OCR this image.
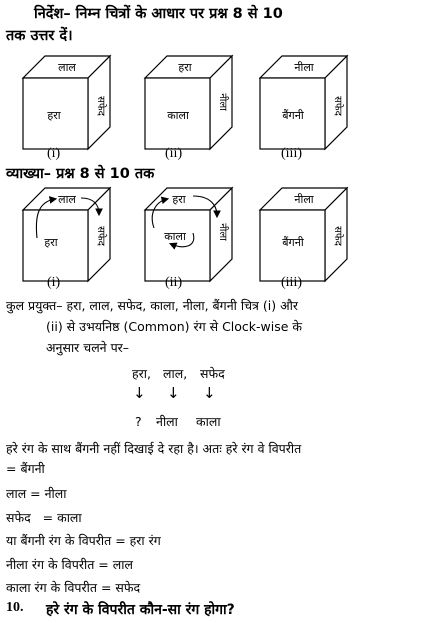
निर्देश– निम्न चित्रों के आधार पर प्रश्न 8 से 10
तक उत्तर दें।
लाल
हरा	सफेद
हरा
काला
नीला
नीला
बैंगनी	सफेद
(i)	(ii)	(iii)
व्याख्या– प्रश्न 8 से 10 तक
लाल
हरा	सफेद
हरा
काला	नीला
नीला
बैंगनी	सफेद
(i)	(ii)	(iii)
कुल प्रयुक्त– हरा, लाल, सफेद, काला, नीला, बैंगनी चित्र (i) और
(ii) से उभयनिष्ठ (Common) रंग से Clock-wise के
अनुसार चलने पर–
हरा, लाल, सफेद
↓ ↓ ↓
? नीला काला
हरे रंग के साथ बैंगनी नहीं दिखाई दे रहा है। अतः हरे रंग वे विपरीत
= बैंगनी
लाल = नीला
सफेद   = काला
या बैंगनी रंग के विपरीत = हरा रंग
नीला रंग के विपरीत = लाल
काला रंग के विपरीत = सफेद
10. हरे रंग के विपरीत कौन-सा रंग होगा?
